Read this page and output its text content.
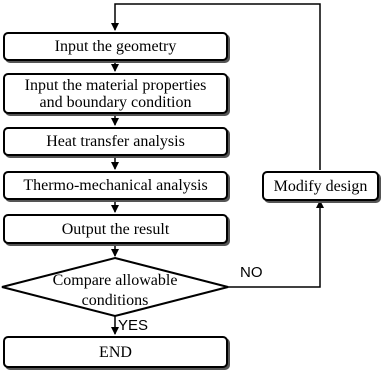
Input the geometry
Input the material properties
and boundary condition
Heat transfer analysis
Thermo-mechanical analysis
Output the result
Compare allowable
conditions
END
Modify design
NO
YES
